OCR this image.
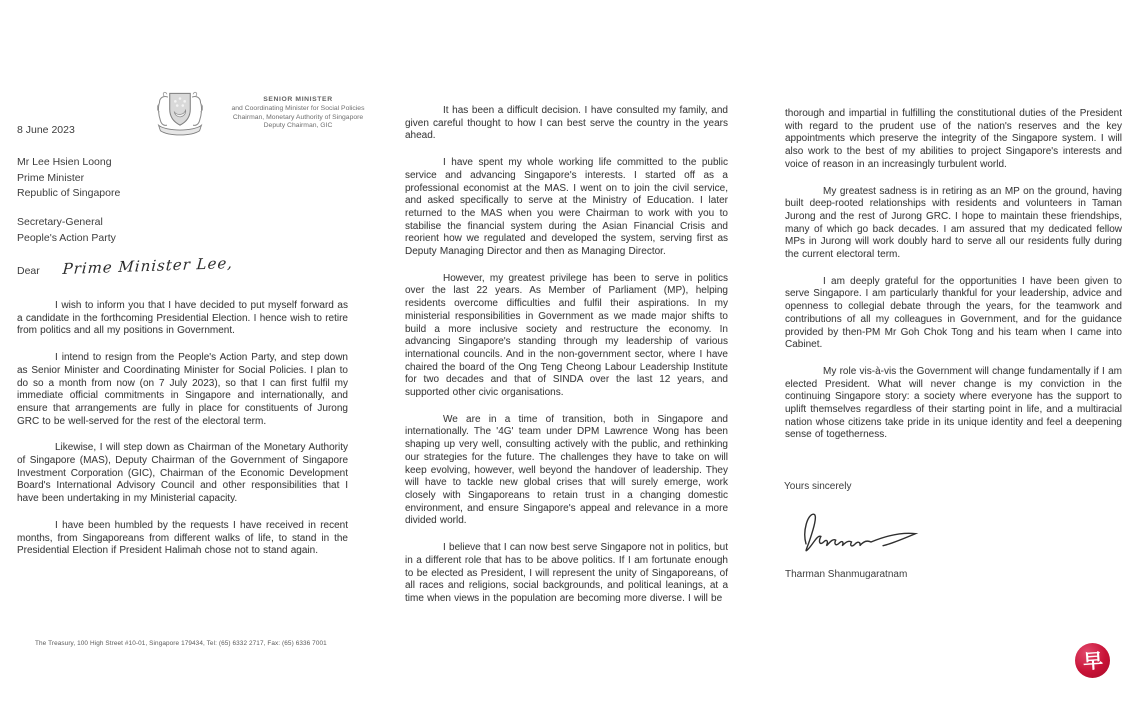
SENIOR MINISTER
and Coordinating Minister for Social Policies
Chairman, Monetary Authority of Singapore
Deputy Chairman, GIC
8 June 2023
Mr Lee Hsien Loong
Prime Minister
Republic of Singapore
Secretary-General
People's Action Party
Dear Prime Minister Lee,

I wish to inform you that I have decided to put myself forward as a candidate in the forthcoming Presidential Election. I hence wish to retire from politics and all my positions in Government.

I intend to resign from the People's Action Party, and step down as Senior Minister and Coordinating Minister for Social Policies. I plan to do so a month from now (on 7 July 2023), so that I can first fulfil my immediate official commitments in Singapore and internationally, and ensure that arrangements are fully in place for constituents of Jurong GRC to be well-served for the rest of the electoral term.

Likewise, I will step down as Chairman of the Monetary Authority of Singapore (MAS), Deputy Chairman of the Government of Singapore Investment Corporation (GIC), Chairman of the Economic Development Board's International Advisory Council and other responsibilities that I have been undertaking in my Ministerial capacity.

I have been humbled by the requests I have received in recent months, from Singaporeans from different walks of life, to stand in the Presidential Election if President Halimah chose not to stand again.

It has been a difficult decision. I have consulted my family, and given careful thought to how I can best serve the country in the years ahead.

I have spent my whole working life committed to the public service and advancing Singapore's interests. I started off as a professional economist at the MAS. I went on to join the civil service, and asked specifically to serve at the Ministry of Education. I later returned to the MAS when you were Chairman to work with you to stabilise the financial system during the Asian Financial Crisis and reorient how we regulated and developed the system, serving first as Deputy Managing Director and then as Managing Director.

However, my greatest privilege has been to serve in politics over the last 22 years. As Member of Parliament (MP), helping residents overcome difficulties and fulfil their aspirations. In my ministerial responsibilities in Government as we made major shifts to build a more inclusive society and restructure the economy. In advancing Singapore's standing through my leadership of various international councils. And in the non-government sector, where I have chaired the board of the Ong Teng Cheong Labour Leadership Institute for two decades and that of SINDA over the last 12 years, and supported other civic organisations.

We are in a time of transition, both in Singapore and internationally. The '4G' team under DPM Lawrence Wong has been shaping up very well, consulting actively with the public, and rethinking our strategies for the future. The challenges they have to take on will keep evolving, however, well beyond the handover of leadership. They will have to tackle new global crises that will surely emerge, work closely with Singaporeans to retain trust in a changing domestic environment, and ensure Singapore's appeal and relevance in a more divided world.

I believe that I can now best serve Singapore not in politics, but in a different role that has to be above politics. If I am fortunate enough to be elected as President, I will represent the unity of Singaporeans, of all races and religions, social backgrounds, and political leanings, at a time when views in the population are becoming more diverse. I will be

thorough and impartial in fulfilling the constitutional duties of the President with regard to the prudent use of the nation's reserves and the key appointments which preserve the integrity of the Singapore system. I will also work to the best of my abilities to project Singapore's interests and voice of reason in an increasingly turbulent world.

My greatest sadness is in retiring as an MP on the ground, having built deep-rooted relationships with residents and volunteers in Taman Jurong and the rest of Jurong GRC. I hope to maintain these friendships, many of which go back decades. I am assured that my dedicated fellow MPs in Jurong will work doubly hard to serve all our residents fully during the current electoral term.

I am deeply grateful for the opportunities I have been given to serve Singapore. I am particularly thankful for your leadership, advice and openness to collegial debate through the years, for the teamwork and contributions of all my colleagues in Government, and for the guidance provided by then-PM Mr Goh Chok Tong and his team when I came into Cabinet.

My role vis-à-vis the Government will change fundamentally if I am elected President. What will never change is my conviction in the continuing Singapore story: a society where everyone has the support to uplift themselves regardless of their starting point in life, and a multiracial nation whose citizens take pride in its unique identity and feel a deepening sense of togetherness.

Yours sincerely
Tharman Shanmugaratnam
The Treasury, 100 High Street #10-01, Singapore 179434, Tel: (65) 6332 2717, Fax: (65) 6336 7001
早
